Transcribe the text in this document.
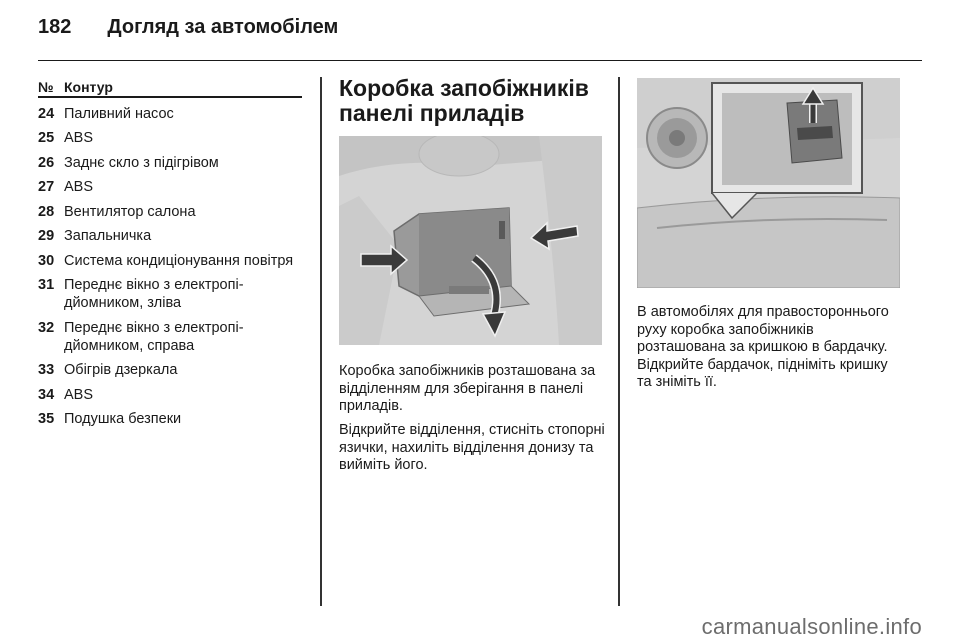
182 Догляд за автомобілем
№ Контур
24 Паливний насос
25 ABS
26 Заднє скло з підігрівом
27 ABS
28 Вентилятор салона
29 Запальничка
30 Система кондиціонування повітря
31 Переднє вікно з електропі-дйомником, зліва
32 Переднє вікно з електропі-дйомником, справа
33 Обігрів дзеркала
34 ABS
35 Подушка безпеки
Коробка запобіжників панелі приладів
Коробка запобіжників розташована за відділенням для зберігання в панелі приладів.
Відкрийте відділення, стисніть стопорні язички, нахиліть відділення донизу та вийміть його.
В автомобілях для правостороннього руху коробка запобіжників розташована за кришкою в бардачку. Відкрийте бардачок, підніміть кришку та зніміть її.
carmanualsonline.info
